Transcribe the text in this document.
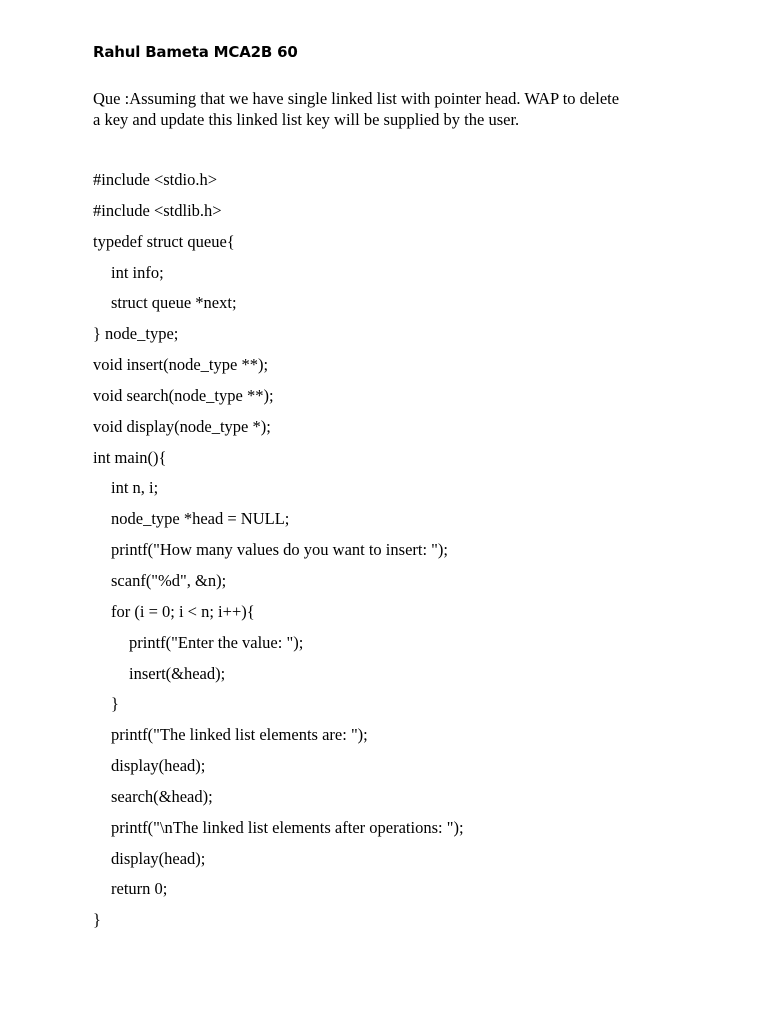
Rahul Bameta MCA2B 60

Que :Assuming that we have single linked list with pointer head. WAP to delete
a key and update this linked list key will be supplied by the user.

#include <stdio.h>
#include <stdlib.h>
typedef struct queue{
int info;
struct queue *next;
} node_type;
void insert(node_type **);
void search(node_type **);
void display(node_type *);
int main(){
int n, i;
node_type *head = NULL;
printf("How many values do you want to insert: ");
scanf("%d", &n);
for (i = 0; i < n; i++){
printf("Enter the value: ");
insert(&head);
}
printf("The linked list elements are: ");
display(head);
search(&head);
printf("\nThe linked list elements after operations: ");
display(head);
return 0;
}
